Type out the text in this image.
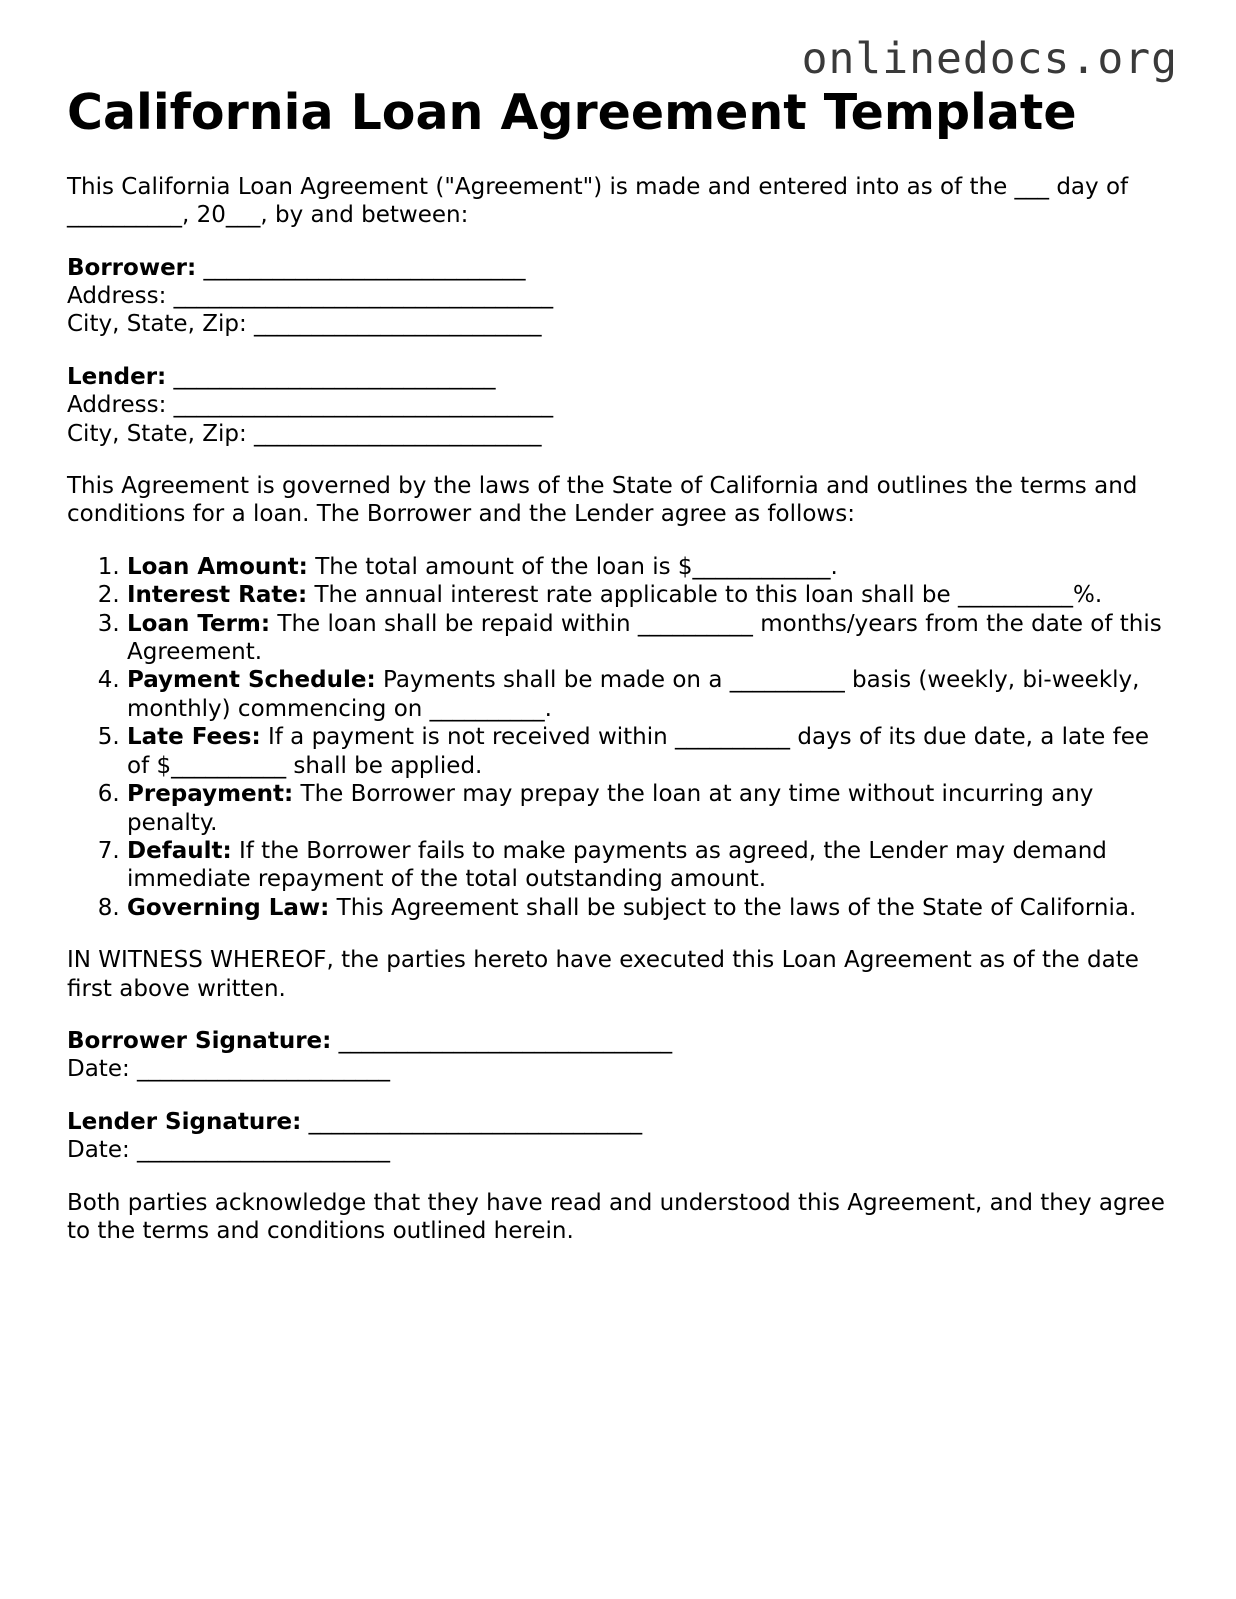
onlinedocs.org
California Loan Agreement Template

This California Loan Agreement ("Agreement") is made and entered into as of the ___ day of __________, 20___, by and between:

Borrower: ____________________________
Address: _________________________________
City, State, Zip: _________________________
Lender: ____________________________
Address: _________________________________
City, State, Zip: _________________________

This Agreement is governed by the laws of the State of California and outlines the terms and conditions for a loan. The Borrower and the Lender agree as follows:

1. Loan Amount: The total amount of the loan is $____________.
2. Interest Rate: The annual interest rate applicable to this loan shall be __________%.
3. Loan Term: The loan shall be repaid within __________ months/years from the date of this Agreement.
4. Payment Schedule: Payments shall be made on a __________ basis (weekly, bi-weekly, monthly) commencing on __________.
5. Late Fees: If a payment is not received within __________ days of its due date, a late fee of $__________ shall be applied.
6. Prepayment: The Borrower may prepay the loan at any time without incurring any penalty.
7. Default: If the Borrower fails to make payments as agreed, the Lender may demand immediate repayment of the total outstanding amount.
8. Governing Law: This Agreement shall be subject to the laws of the State of California.

IN WITNESS WHEREOF, the parties hereto have executed this Loan Agreement as of the date first above written.

Borrower Signature: _____________________________
Date: ______________________
Lender Signature: _____________________________
Date: ______________________

Both parties acknowledge that they have read and understood this Agreement, and they agree to the terms and conditions outlined herein.
